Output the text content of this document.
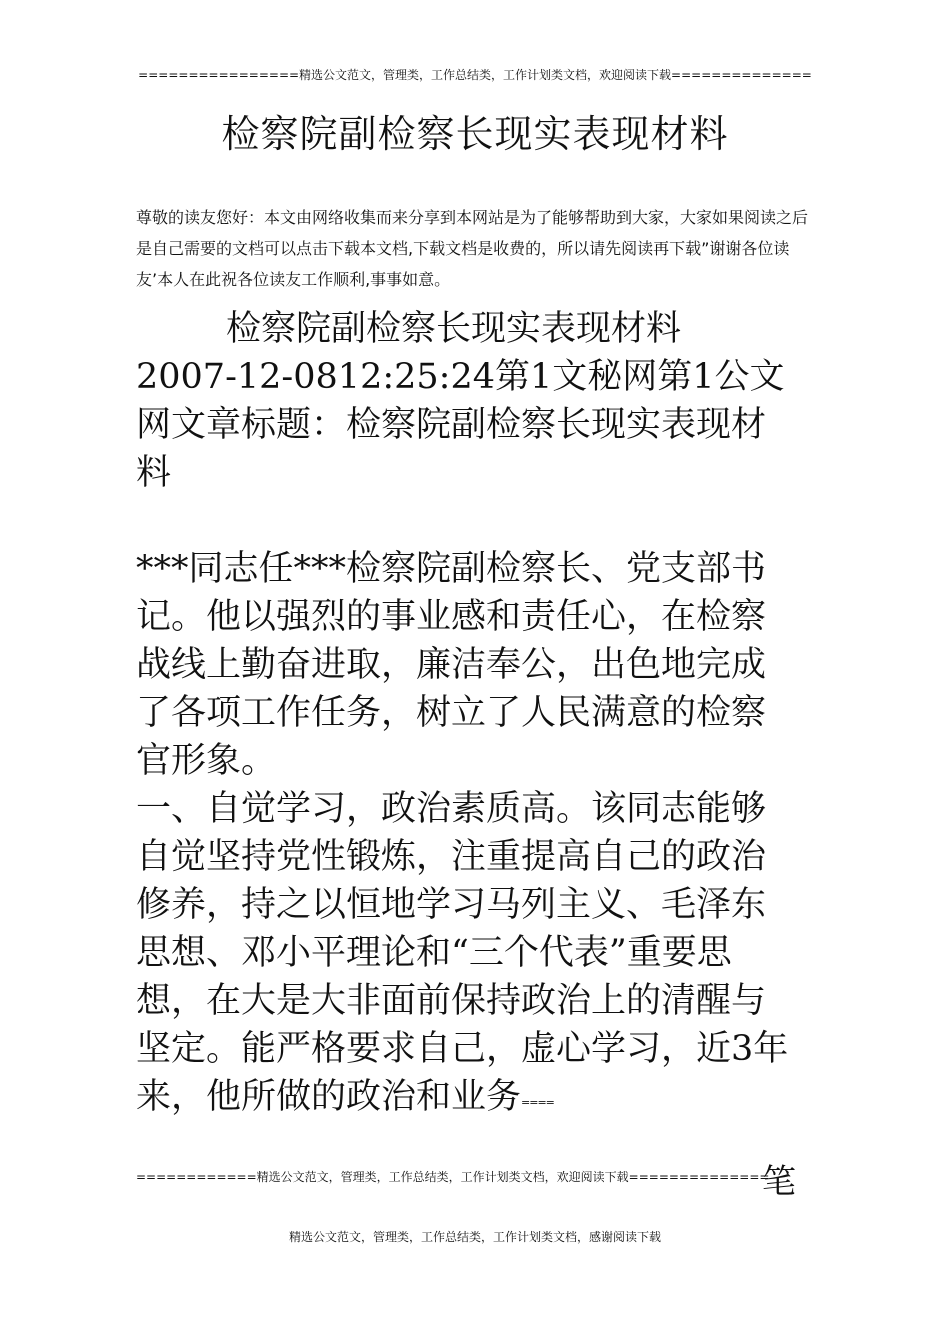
================精选公文范文，管理类，工作总结类，工作计划类文档，欢迎阅读下载==============
检察院副检察长现实表现材料
尊敬的读友您好：本文由网络收集而来分享到本网站是为了能够帮助到大家，大家如果阅读之后是自己需要的文档可以点击下载本文档,下载文档是收费的，所以请先阅读再下载”谢谢各位读友’本人在此祝各位读友工作顺利,事事如意。

检察院副检察长现实表现材料

2007-12-0812:25:24第1文秘网第1公文网文章标题：检察院副检察长现实表现材料

***同志任***检察院副检察长、党支部书记。他以强烈的事业感和责任心，在检察战线上勤奋进取，廉洁奉公，出色地完成了各项工作任务，树立了人民满意的检察官形象。

一、自觉学习，政治素质高。该同志能够自觉坚持党性锻炼，注重提高自己的政治修养，持之以恒地学习马列主义、毛泽东思想、邓小平理论和“三个代表”重要思想，在大是大非面前保持政治上的清醒与坚定。能严格要求自己，虚心学习，近3年来，他所做的政治和业务====

============精选公文范文，管理类，工作总结类，工作计划类文档，欢迎阅读下载==============
笔
精选公文范文，管理类，工作总结类，工作计划类文档，感谢阅读下载
